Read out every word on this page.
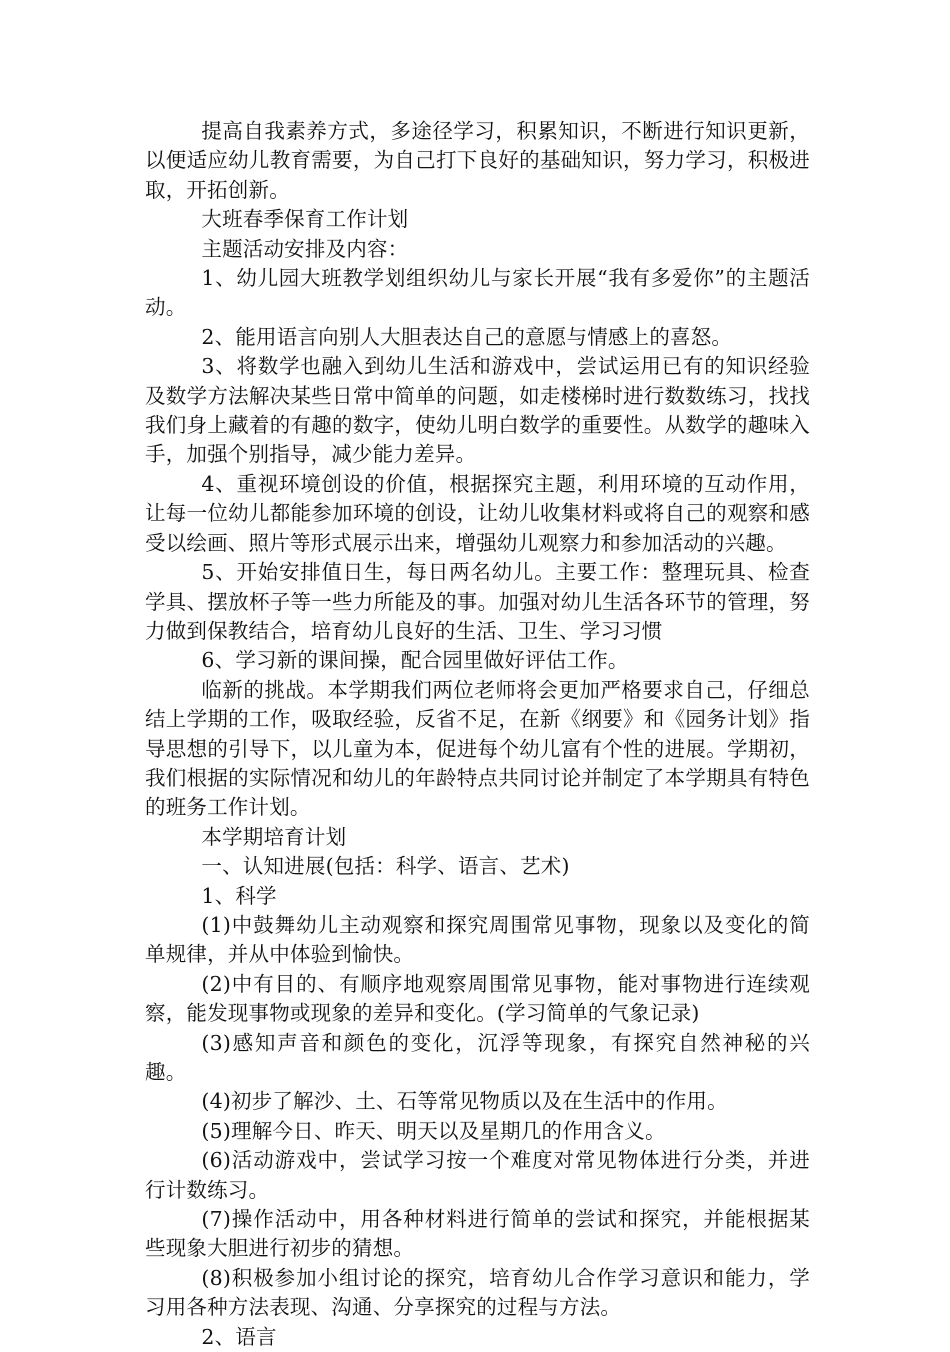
提高自我素养方式，多途径学习，积累知识，不断进行知识更新，以便适应幼儿教育需要，为自己打下良好的基础知识，努力学习，积极进取，开拓创新。

大班春季保育工作计划

主题活动安排及内容：

1、幼儿园大班教学划组织幼儿与家长开展“我有多爱你”的主题活动。

2、能用语言向别人大胆表达自己的意愿与情感上的喜怒。

3、将数学也融入到幼儿生活和游戏中，尝试运用已有的知识经验及数学方法解决某些日常中简单的问题，如走楼梯时进行数数练习，找找我们身上藏着的有趣的数字，使幼儿明白数学的重要性。从数学的趣味入手，加强个别指导，减少能力差异。

4、重视环境创设的价值，根据探究主题，利用环境的互动作用，让每一位幼儿都能参加环境的创设，让幼儿收集材料或将自己的观察和感受以绘画、照片等形式展示出来，增强幼儿观察力和参加活动的兴趣。

5、开始安排值日生，每日两名幼儿。主要工作：整理玩具、检查学具、摆放杯子等一些力所能及的事。加强对幼儿生活各环节的管理，努力做到保教结合，培育幼儿良好的生活、卫生、学习习惯

6、学习新的课间操，配合园里做好评估工作。

临新的挑战。本学期我们两位老师将会更加严格要求自己，仔细总结上学期的工作，吸取经验，反省不足，在新《纲要》和《园务计划》指导思想的引导下，以儿童为本，促进每个幼儿富有个性的进展。学期初，我们根据的实际情况和幼儿的年龄特点共同讨论并制定了本学期具有特色的班务工作计划。

本学期培育计划

一、认知进展(包括：科学、语言、艺术)

1、科学

(1)中鼓舞幼儿主动观察和探究周围常见事物，现象以及变化的简单规律，并从中体验到愉快。

(2)中有目的、有顺序地观察周围常见事物，能对事物进行连续观察，能发现事物或现象的差异和变化。(学习简单的气象记录)

(3)感知声音和颜色的变化，沉浮等现象，有探究自然神秘的兴趣。

(4)初步了解沙、土、石等常见物质以及在生活中的作用。

(5)理解今日、昨天、明天以及星期几的作用含义。

(6)活动游戏中，尝试学习按一个难度对常见物体进行分类，并进行计数练习。

(7)操作活动中，用各种材料进行简单的尝试和探究，并能根据某些现象大胆进行初步的猜想。

(8)积极参加小组讨论的探究，培育幼儿合作学习意识和能力，学习用各种方法表现、沟通、分享探究的过程与方法。

2、语言
